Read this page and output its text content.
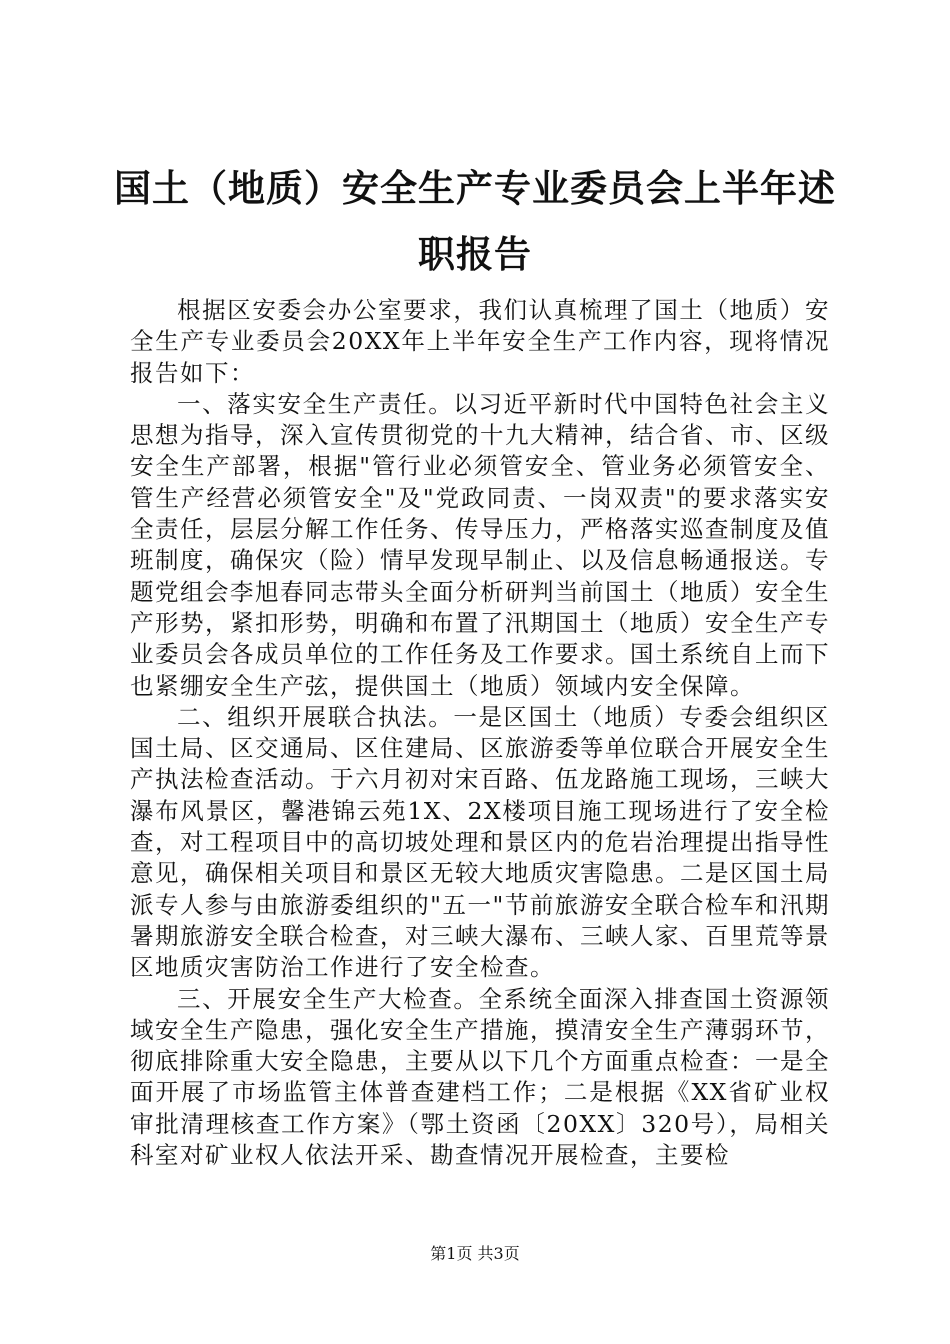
国土（地质）安全生产专业委员会上半年述职报告

根据区安委会办公室要求，我们认真梳理了国土（地质）安全生产专业委员会20XX年上半年安全生产工作内容，现将情况报告如下：

一、落实安全生产责任。以习近平新时代中国特色社会主义思想为指导，深入宣传贯彻党的十九大精神，结合省、市、区级安全生产部署，根据"管行业必须管安全、管业务必须管安全、管生产经营必须管安全"及"党政同责、一岗双责"的要求落实安全责任，层层分解工作任务、传导压力，严格落实巡查制度及值班制度，确保灾（险）情早发现早制止、以及信息畅通报送。专题党组会李旭春同志带头全面分析研判当前国土（地质）安全生产形势，紧扣形势，明确和布置了汛期国土（地质）安全生产专业委员会各成员单位的工作任务及工作要求。国土系统自上而下也紧绷安全生产弦，提供国土（地质）领域内安全保障。

二、组织开展联合执法。一是区国土（地质）专委会组织区国土局、区交通局、区住建局、区旅游委等单位联合开展安全生产执法检查活动。于六月初对宋百路、伍龙路施工现场，三峡大瀑布风景区，馨港锦云苑1X、2X楼项目施工现场进行了安全检查，对工程项目中的高切坡处理和景区内的危岩治理提出指导性意见，确保相关项目和景区无较大地质灾害隐患。二是区国土局派专人参与由旅游委组织的"五一"节前旅游安全联合检车和汛期暑期旅游安全联合检查，对三峡大瀑布、三峡人家、百里荒等景区地质灾害防治工作进行了安全检查。

三、开展安全生产大检查。全系统全面深入排查国土资源领域安全生产隐患，强化安全生产措施，摸清安全生产薄弱环节，彻底排除重大安全隐患，主要从以下几个方面重点检查：一是全面开展了市场监管主体普查建档工作；二是根据《XX省矿业权审批清理核查工作方案》（鄂土资函〔20XX〕320号），局相关科室对矿业权人依法开采、勘查情况开展检查，主要检

第1页 共3页
